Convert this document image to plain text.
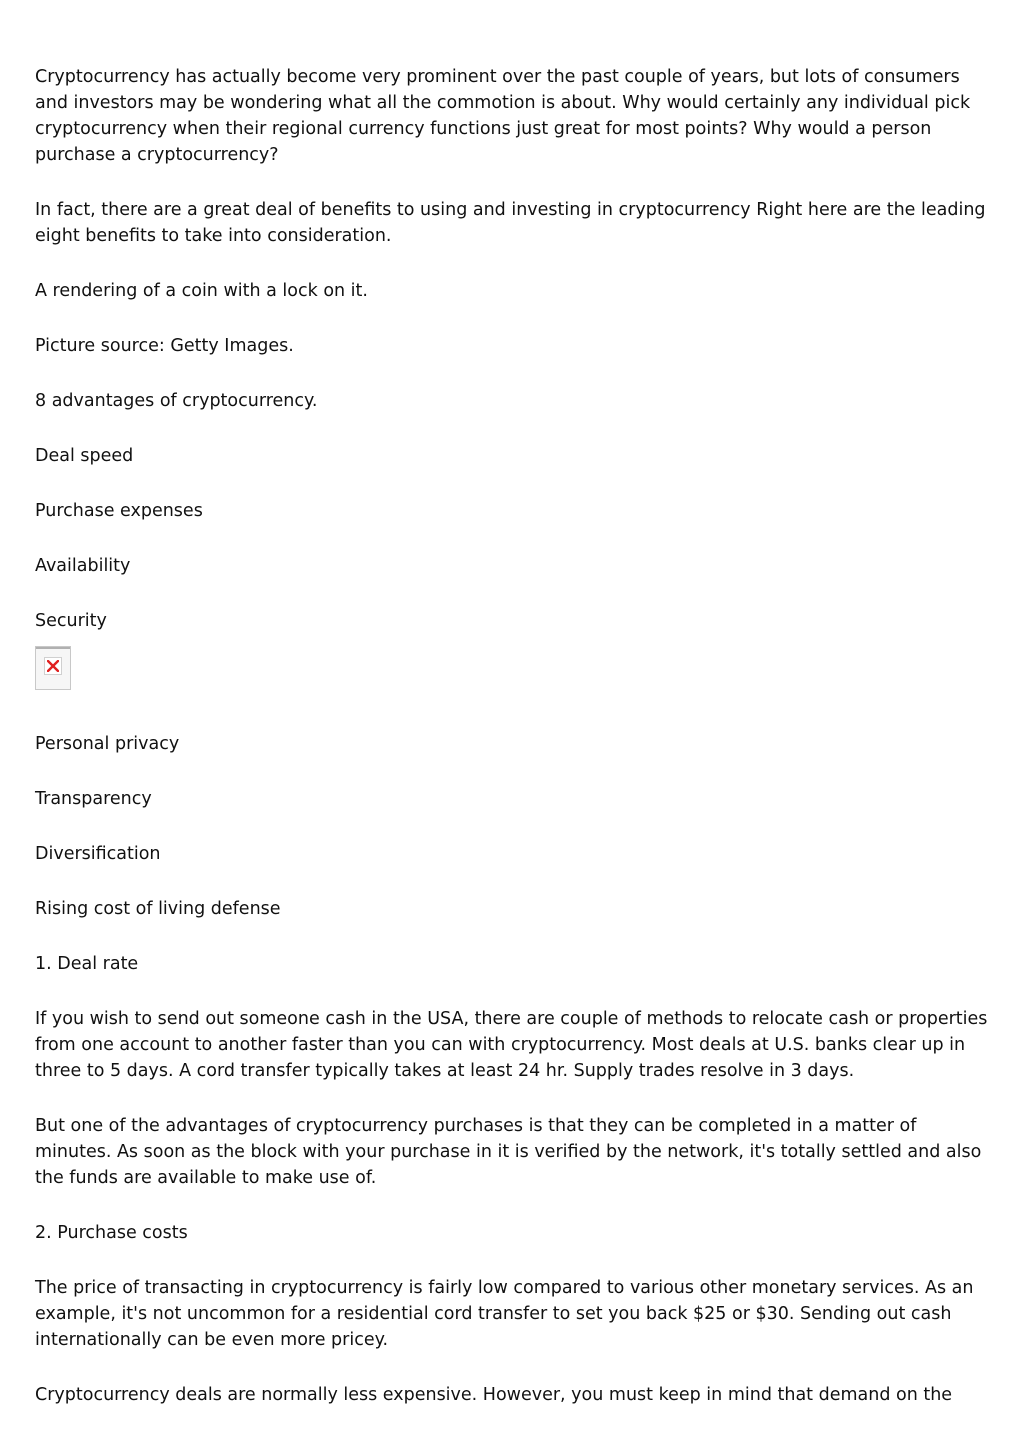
Cryptocurrency has actually become very prominent over the past couple of years, but lots of consumers and investors may be wondering what all the commotion is about. Why would certainly any individual pick cryptocurrency when their regional currency functions just great for most points? Why would a person purchase a cryptocurrency?

In fact, there are a great deal of benefits to using and investing in cryptocurrency Right here are the leading eight benefits to take into consideration.

A rendering of a coin with a lock on it.

Picture source: Getty Images.

8 advantages of cryptocurrency.

Deal speed

Purchase expenses

Availability

Security

Personal privacy

Transparency

Diversification

Rising cost of living defense

1. Deal rate

If you wish to send out someone cash in the USA, there are couple of methods to relocate cash or properties from one account to another faster than you can with cryptocurrency. Most deals at U.S. banks clear up in three to 5 days. A cord transfer typically takes at least 24 hr. Supply trades resolve in 3 days.

But one of the advantages of cryptocurrency purchases is that they can be completed in a matter of minutes. As soon as the block with your purchase in it is verified by the network, it's totally settled and also the funds are available to make use of.

2. Purchase costs

The price of transacting in cryptocurrency is fairly low compared to various other monetary services. As an example, it's not uncommon for a residential cord transfer to set you back $25 or $30. Sending out cash internationally can be even more pricey.

Cryptocurrency deals are normally less expensive. However, you must keep in mind that demand on the
